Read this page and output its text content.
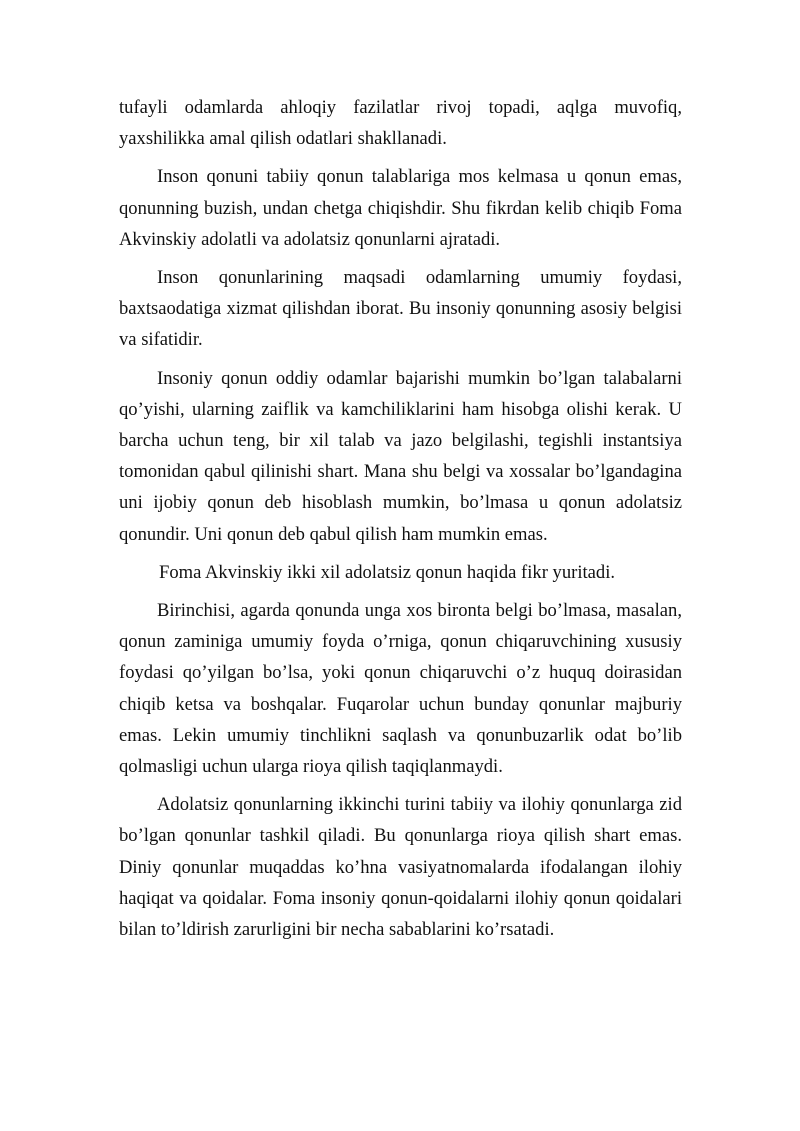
tufayli odamlarda ahloqiy fazilatlar rivoj topadi, aqlga muvofiq, yaxshilikka amal qilish odatlari shakllanadi.

Inson qonuni tabiiy qonun talablariga mos kelmasa u qonun emas, qonunning buzish, undan chetga chiqishdir. Shu fikrdan kelib chiqib Foma Akvinskiy adolatli va adolatsiz qonunlarni ajratadi.

Inson qonunlarining maqsadi odamlarning umumiy foydasi, baxtsaodatiga xizmat qilishdan iborat. Bu insoniy qonunning asosiy belgisi va sifatidir.

Insoniy qonun oddiy odamlar bajarishi mumkin bo’lgan talabalarni qo’yishi, ularning zaiflik va kamchiliklarini ham hisobga olishi kerak. U barcha uchun teng, bir xil talab va jazo belgilashi, tegishli instantsiya tomonidan qabul qilinishi shart. Mana shu belgi va xossalar bo’lgandagina uni ijobiy qonun deb hisoblash mumkin, bo’lmasa u qonun adolatsiz qonundir. Uni qonun deb qabul qilish ham mumkin emas.

Foma Akvinskiy ikki xil adolatsiz qonun haqida fikr yuritadi.

Birinchisi, agarda qonunda unga xos bironta belgi bo’lmasa, masalan, qonun zaminiga umumiy foyda o’rniga, qonun chiqaruvchining xususiy foydasi qo’yilgan bo’lsa, yoki qonun chiqaruvchi o’z huquq doirasidan chiqib ketsa va boshqalar. Fuqarolar uchun bunday qonunlar majburiy emas. Lekin umumiy tinchlikni saqlash va qonunbuzarlik odat bo’lib qolmasligi uchun ularga rioya qilish taqiqlanmaydi.

Adolatsiz qonunlarning ikkinchi turini tabiiy va ilohiy qonunlarga zid bo’lgan qonunlar tashkil qiladi. Bu qonunlarga rioya qilish shart emas. Diniy qonunlar muqaddas ko’hna vasiyatnomalarda ifodalangan ilohiy haqiqat va qoidalar. Foma insoniy qonun-qoidalarni ilohiy qonun qoidalari bilan to’ldirish zarurligini bir necha sabablarini ko’rsatadi.
